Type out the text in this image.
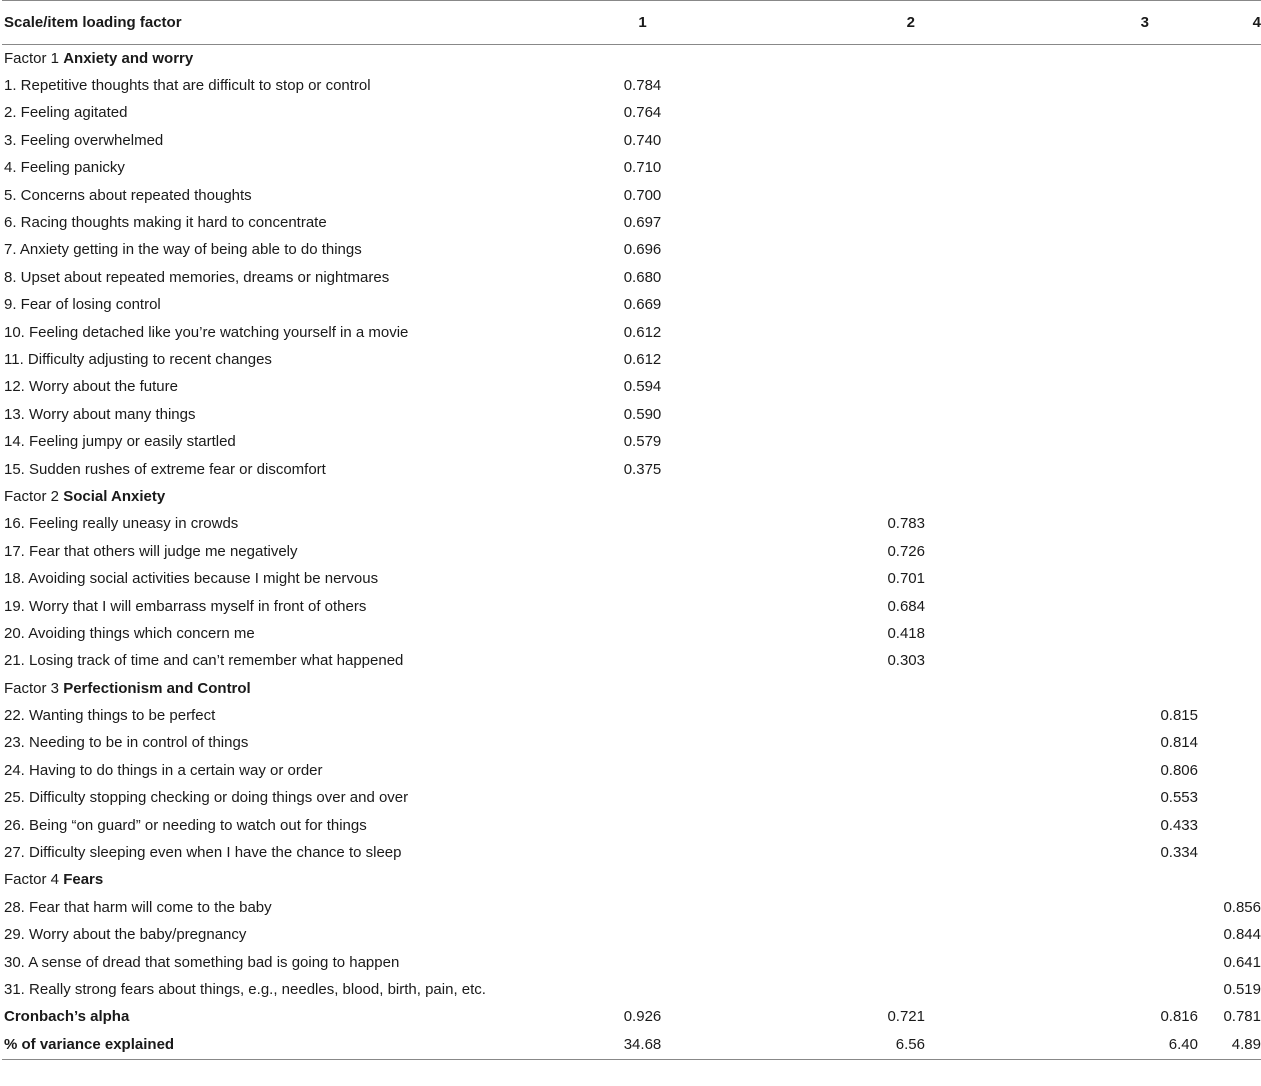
Scale/item loading factor	1	2	3	4
Factor 1 Anxiety and worry				
1. Repetitive thoughts that are difficult to stop or control	0.784			
2. Feeling agitated	0.764			
3. Feeling overwhelmed	0.740			
4. Feeling panicky	0.710			
5. Concerns about repeated thoughts	0.700			
6. Racing thoughts making it hard to concentrate	0.697			
7. Anxiety getting in the way of being able to do things	0.696			
8. Upset about repeated memories, dreams or nightmares	0.680			
9. Fear of losing control	0.669			
10. Feeling detached like you’re watching yourself in a movie	0.612			
11. Difficulty adjusting to recent changes	0.612			
12. Worry about the future	0.594			
13. Worry about many things	0.590			
14. Feeling jumpy or easily startled	0.579			
15. Sudden rushes of extreme fear or discomfort	0.375			
Factor 2 Social Anxiety				
16. Feeling really uneasy in crowds		0.783		
17. Fear that others will judge me negatively		0.726		
18. Avoiding social activities because I might be nervous		0.701		
19. Worry that I will embarrass myself in front of others		0.684		
20. Avoiding things which concern me		0.418		
21. Losing track of time and can’t remember what happened		0.303		
Factor 3 Perfectionism and Control				
22. Wanting things to be perfect			0.815	
23. Needing to be in control of things			0.814	
24. Having to do things in a certain way or order			0.806	
25. Difficulty stopping checking or doing things over and over			0.553	
26. Being “on guard” or needing to watch out for things			0.433	
27. Difficulty sleeping even when I have the chance to sleep			0.334	
Factor 4 Fears				
28. Fear that harm will come to the baby				0.856
29. Worry about the baby/pregnancy				0.844
30. A sense of dread that something bad is going to happen				0.641
31. Really strong fears about things, e.g., needles, blood, birth, pain, etc.				0.519
Cronbach’s alpha	0.926	0.721	0.816	0.781
% of variance explained	34.68	6.56	6.40	4.89
